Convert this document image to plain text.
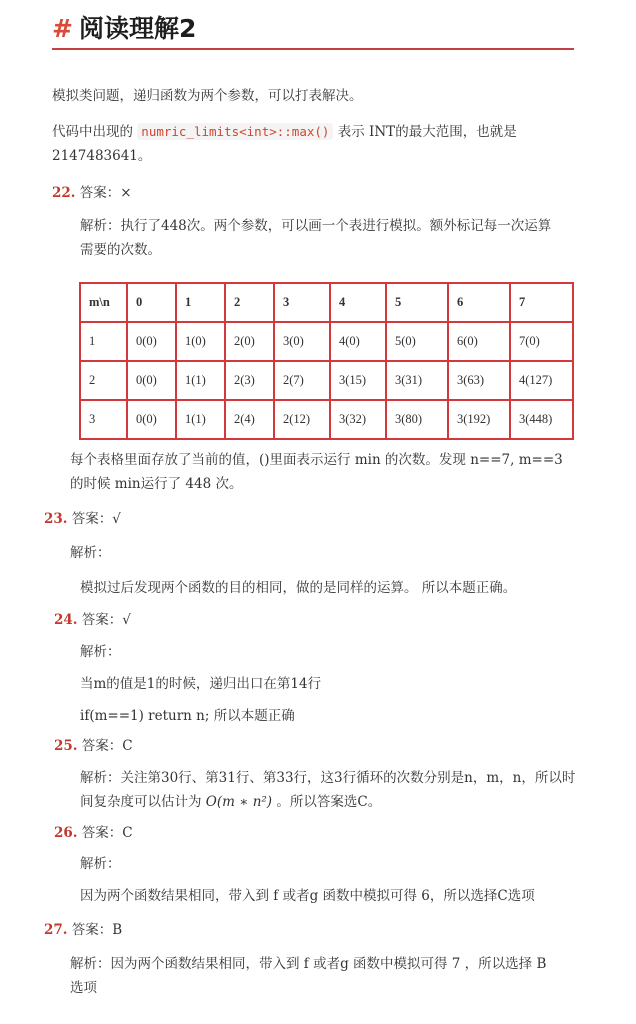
# 阅读理解2
模拟类问题，递归函数为两个参数，可以打表解决。
代码中出现的 numric_limits<int>::max() 表示 INT的最大范围，也就是
2147483641。
22. 答案：×
解析：执行了448次。两个参数，可以画一个表进行模拟。额外标记每一次运算
需要的次数。
m\n	0	1	2	3	4	5	6	7
1	0(0)	1(0)	2(0)	3(0)	4(0)	5(0)	6(0)	7(0)
2	0(0)	1(1)	2(3)	2(7)	3(15)	3(31)	3(63)	4(127)
3	0(0)	1(1)	2(4)	2(12)	3(32)	3(80)	3(192)	3(448)
每个表格里面存放了当前的值，()里面表示运行 min 的次数。发现 n==7, m==3
的时候 min运行了 448 次。
23. 答案：√
解析：
模拟过后发现两个函数的目的相同，做的是同样的运算。 所以本题正确。
24. 答案：√
解析：
当m的值是1的时候，递归出口在第14行
if(m==1) return n; 所以本题正确
25. 答案：C
解析：关注第30行、第31行、第33行，这3行循环的次数分别是n，m，n，所以时
间复杂度可以估计为 O(m ∗ n²) 。所以答案选C。
26. 答案：C
解析：
因为两个函数结果相同，带入到 f 或者g 函数中模拟可得 6，所以选择C选项
27. 答案：B
解析：因为两个函数结果相同，带入到 f 或者g 函数中模拟可得 7 ，所以选择 B
选项
